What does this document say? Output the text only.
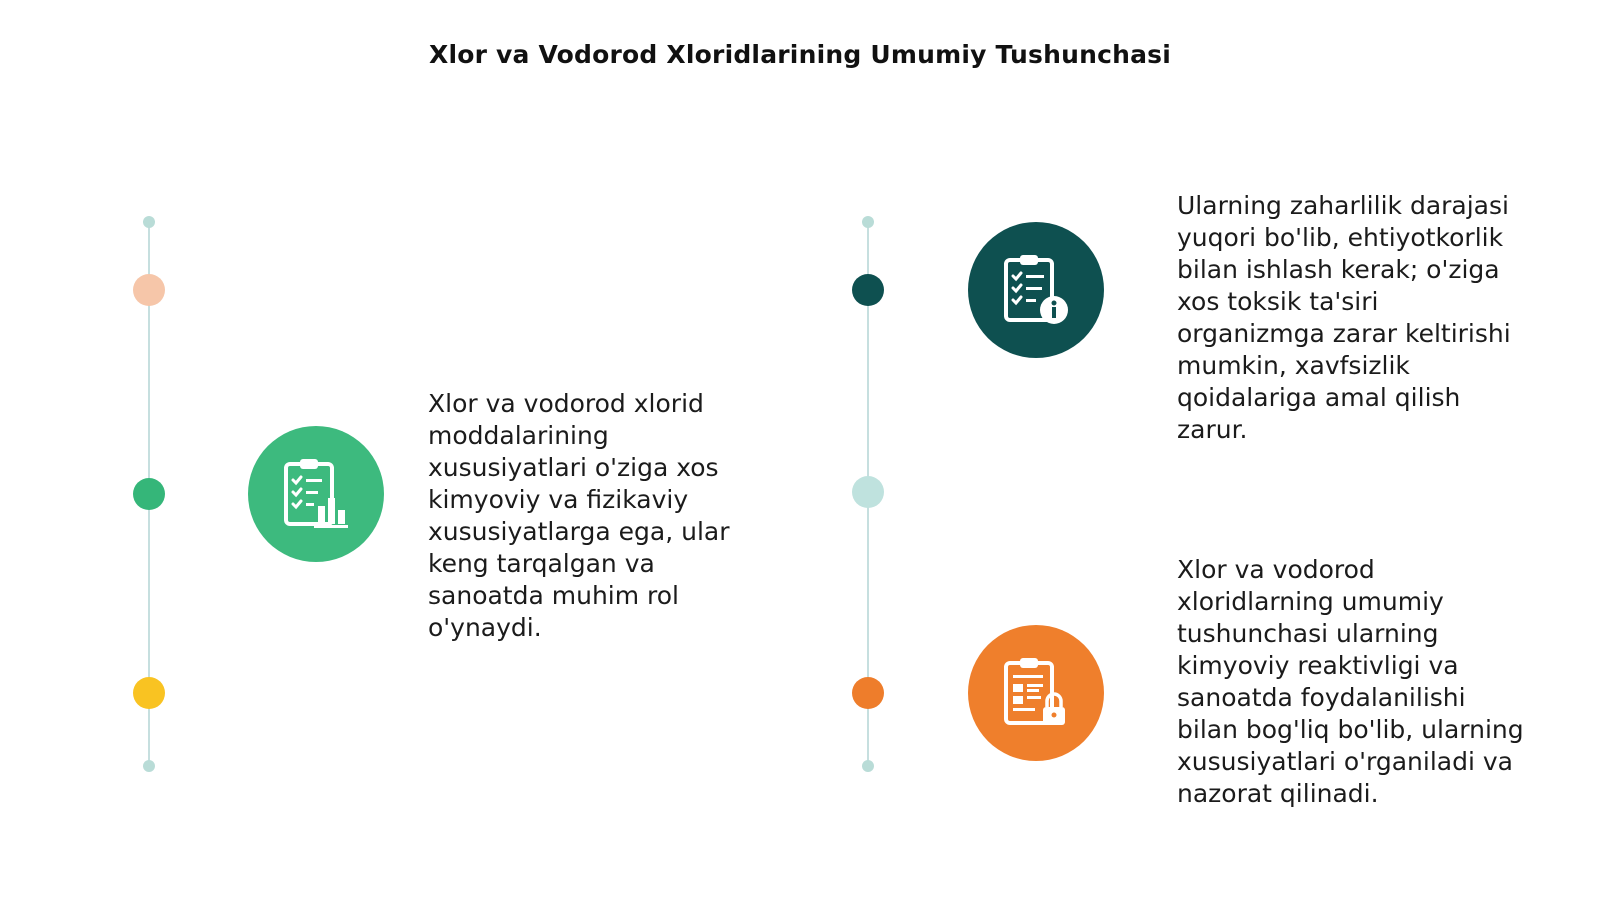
Xlor va Vodorod Xloridlarining Umumiy Tushunchasi
Xlor va vodorod xlorid
moddalarining
xususiyatlari o'ziga xos
kimyoviy va fizikaviy
xususiyatlarga ega, ular
keng tarqalgan va
sanoatda muhim rol
o'ynaydi.
Ularning zaharlilik darajasi
yuqori bo'lib, ehtiyotkorlik
bilan ishlash kerak; o'ziga
xos toksik ta'siri
organizmga zarar keltirishi
mumkin, xavfsizlik
qoidalariga amal qilish
zarur.
Xlor va vodorod
xloridlarning umumiy
tushunchasi ularning
kimyoviy reaktivligi va
sanoatda foydalanilishi
bilan bog'liq bo'lib, ularning
xususiyatlari o'rganiladi va
nazorat qilinadi.
